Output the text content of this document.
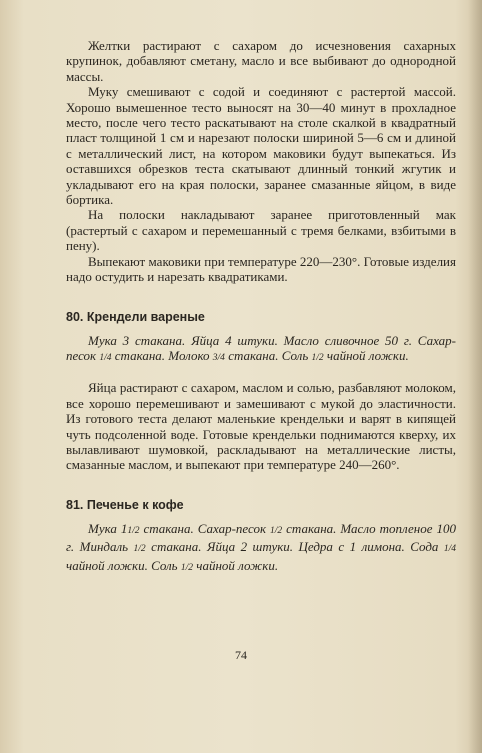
Желтки растирают с сахаром до исчезновения сахарных крупинок, добавляют сметану, масло и все выбивают до однородной массы.

Муку смешивают с содой и соединяют с растертой массой. Хорошо вымешенное тесто выносят на 30—40 минут в прохладное место, после чего тесто раскатывают на столе скалкой в квадратный пласт толщиной 1 см и нарезают полоски шириной 5—6 см и длиной с металлический лист, на котором маковики будут выпекаться. Из оставшихся обрезков теста скатывают длинный тонкий жгутик и укладывают его на края полоски, заранее смазанные яйцом, в виде бортика.

На полоски накладывают заранее приготовленный мак (растертый с сахаром и перемешанный с тремя белками, взбитыми в пену).

Выпекают маковики при температуре 220—230°. Готовые изделия надо остудить и нарезать квадратиками.

80. Крендели вареные

Мука 3 стакана. Яйца 4 штуки. Масло сливочное 50 г. Сахар-песок 1/4 стакана. Молоко 3/4 стакана. Соль 1/2 чайной ложки.

Яйца растирают с сахаром, маслом и солью, разбавляют молоком, все хорошо перемешивают и замешивают с мукой до эластичности. Из готового теста делают маленькие крендельки и варят в кипящей чуть подсоленной воде. Готовые крендельки поднимаются кверху, их вылавливают шумовкой, раскладывают на металлические листы, смазанные маслом, и выпекают при температуре 240—260°.

81. Печенье к кофе

Мука 11/2 стакана. Сахар-песок 1/2 стакана. Масло топленое 100 г. Миндаль 1/2 стакана. Яйца 2 штуки. Цедра с 1 лимона. Сода 1/4 чайной ложки. Соль 1/2 чайной ложки.

74
